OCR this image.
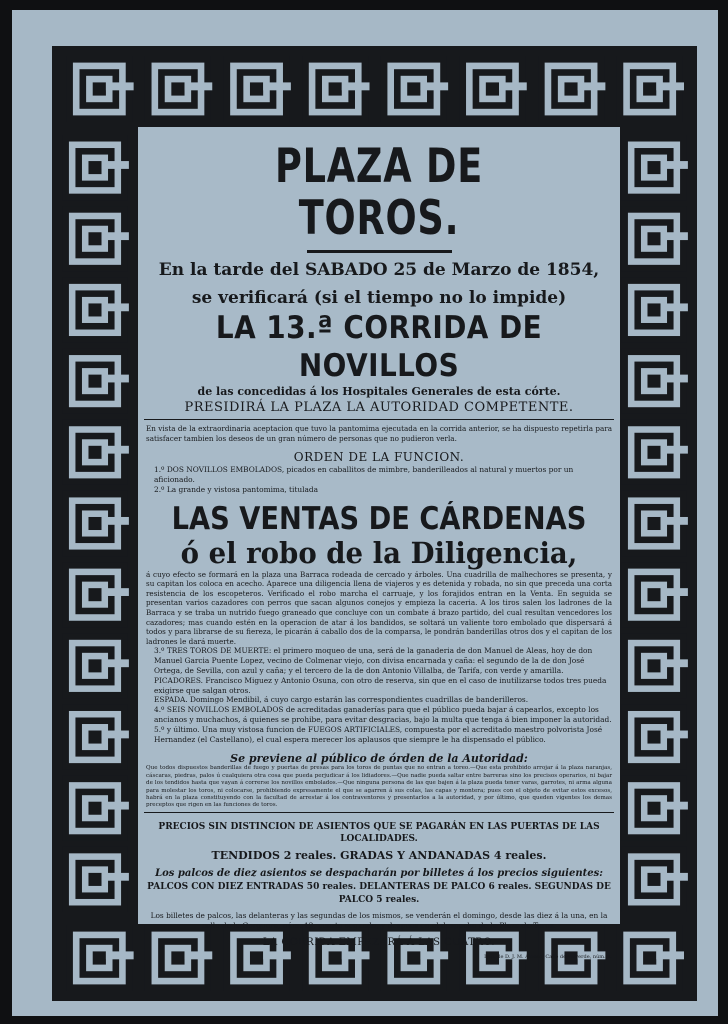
PLAZA DE TOROS.
En la tarde del SABADO 25 de Marzo de 1854,
se verificará (si el tiempo no lo impide)
LA 13.ª CORRIDA DE NOVILLOS
de las concedidas á los Hospitales Generales de esta córte.
PRESIDIRÁ LA PLAZA LA AUTORIDAD COMPETENTE.
En vista de la extraordinaria aceptacion que tuvo la pantomima ejecutada en la corrida anterior, se ha dispuesto repetirla para satisfacer tambien los deseos de un gran número de personas que no pudieron verla.
ORDEN DE LA FUNCION.
1.º DOS NOVILLOS EMBOLADOS, picados en caballitos de mimbre, banderilleados al natural y muertos por un aficionado.
2.º La grande y vistosa pantomima, titulada
LAS VENTAS DE CÁRDENAS
ó el robo de la Diligencia,
á cuyo efecto se formará en la plaza una Barraca rodeada de cercado y árboles. Una cuadrilla de malhechores se presenta, y su capitan los coloca en acecho. Aparece una diligencia llena de viajeros y es detenida y robada, no sin que preceda una corta resistencia de los escopeteros. Verificado el robo marcha el carruaje, y los forajidos entran en la Venta. En seguida se presentan varios cazadores con perros que sacan algunos conejos y empieza la caceria. A los tiros salen los ladrones de la Barraca y se traba un nutrido fuego graneado que concluye con un combate á brazo partido, del cual resultan vencedores los cazadores; mas cuando estén en la operacion de atar á los bandidos, se soltará un valiente toro embolado que dispersará á todos y para librarse de su fiereza, le picarán á caballo dos de la comparsa, le pondrán banderillas otros dos y el capitan de los ladrones le dará muerte.
3.º TRES TOROS DE MUERTE: el primero moqueo de una, será de la ganaderia de don Manuel de Aleas, hoy de don Manuel Garcia Puente Lopez, vecino de Colmenar viejo, con divisa encarnada y caña: el segundo de la de don José Ortega, de Sevilla, con azul y caña; y el tercero de la de don Antonio Villalba, de Tarifa, con verde y amarilla.
PICADORES. Francisco Miguez y Antonio Osuna, con otro de reserva, sin que en el caso de inutilizarse todos tres pueda exigirse que salgan otros.
ESPADA. Domingo Mendibil, á cuyo cargo estarán las correspondientes cuadrillas de banderilleros.
4.º SEIS NOVILLOS EMBOLADOS de acreditadas ganaderías para que el público pueda bajar á capearlos, excepto los ancianos y muchachos, á quienes se prohibe, para evitar desgracias, bajo la multa que tenga á bien imponer la autoridad.
5.º y último. Una muy vistosa funcion de FUEGOS ARTIFICIALES, compuesta por el acreditado maestro polvorista José Hernandez (el Castellano), el cual espera merecer los aplausos que siempre le ha dispensado el público.
Se previene al público de órden de la Autoridad:
Que todos dispuestos banderillas de fuego y puertas de presas para los toros de puntas que no entran a toreo.—Que esta prohibido arrojar á la plaza naranjas, cáscaras, piedras, palos ú cualquiera otra cosa que pueda perjudicar á los lidiadores.—Que nadie pueda saltar entre barreras sino los precisos operarios, ni bajar de los tendidos hasta que vayan á correrse los novillos embolados.—Que ninguna persona de las que bajen á la plaza pueda tener varas, garrotes, ni arma alguna para molestar los toros, ni colocarse, prohibiendo expresamente el que se agarren á sus colas, las capas y montera; pues con el objeto de evitar estos excesos, habrá en la plaza constituyendo con la facultad de arrestar á los contraventores y presentarlos a la autoridad, y por último, que queden vigentes los demas preceptos que rigen en las funciones de toros.
PRECIOS SIN DISTINCION DE ASIENTOS QUE SE PAGARÁN EN LAS PUERTAS DE LAS LOCALIDADES.
TENDIDOS 2 reales. GRADAS Y ANDANADAS 4 reales.
Los palcos de diez asientos se despacharán por billetes á los precios siguientes:
PALCOS CON DIEZ ENTRADAS 50 reales. DELANTERAS DE PALCO 6 reales. SEGUNDAS DE PALCO 5 reales.
Los billetes de palcos, las delanteras y las segundas de los mismos, se venderán el domingo, desde las diez á la una, en la calle de la Gorguera, núm. 12, cuarto segundo, y despues en el despacho de la Plaza de Toros.
LA CORRIDA EMPEZARÁ Á LAS CUATRO.
Imp. de D. J. M. Alonso, Calle de Valverde, núm. 8.
